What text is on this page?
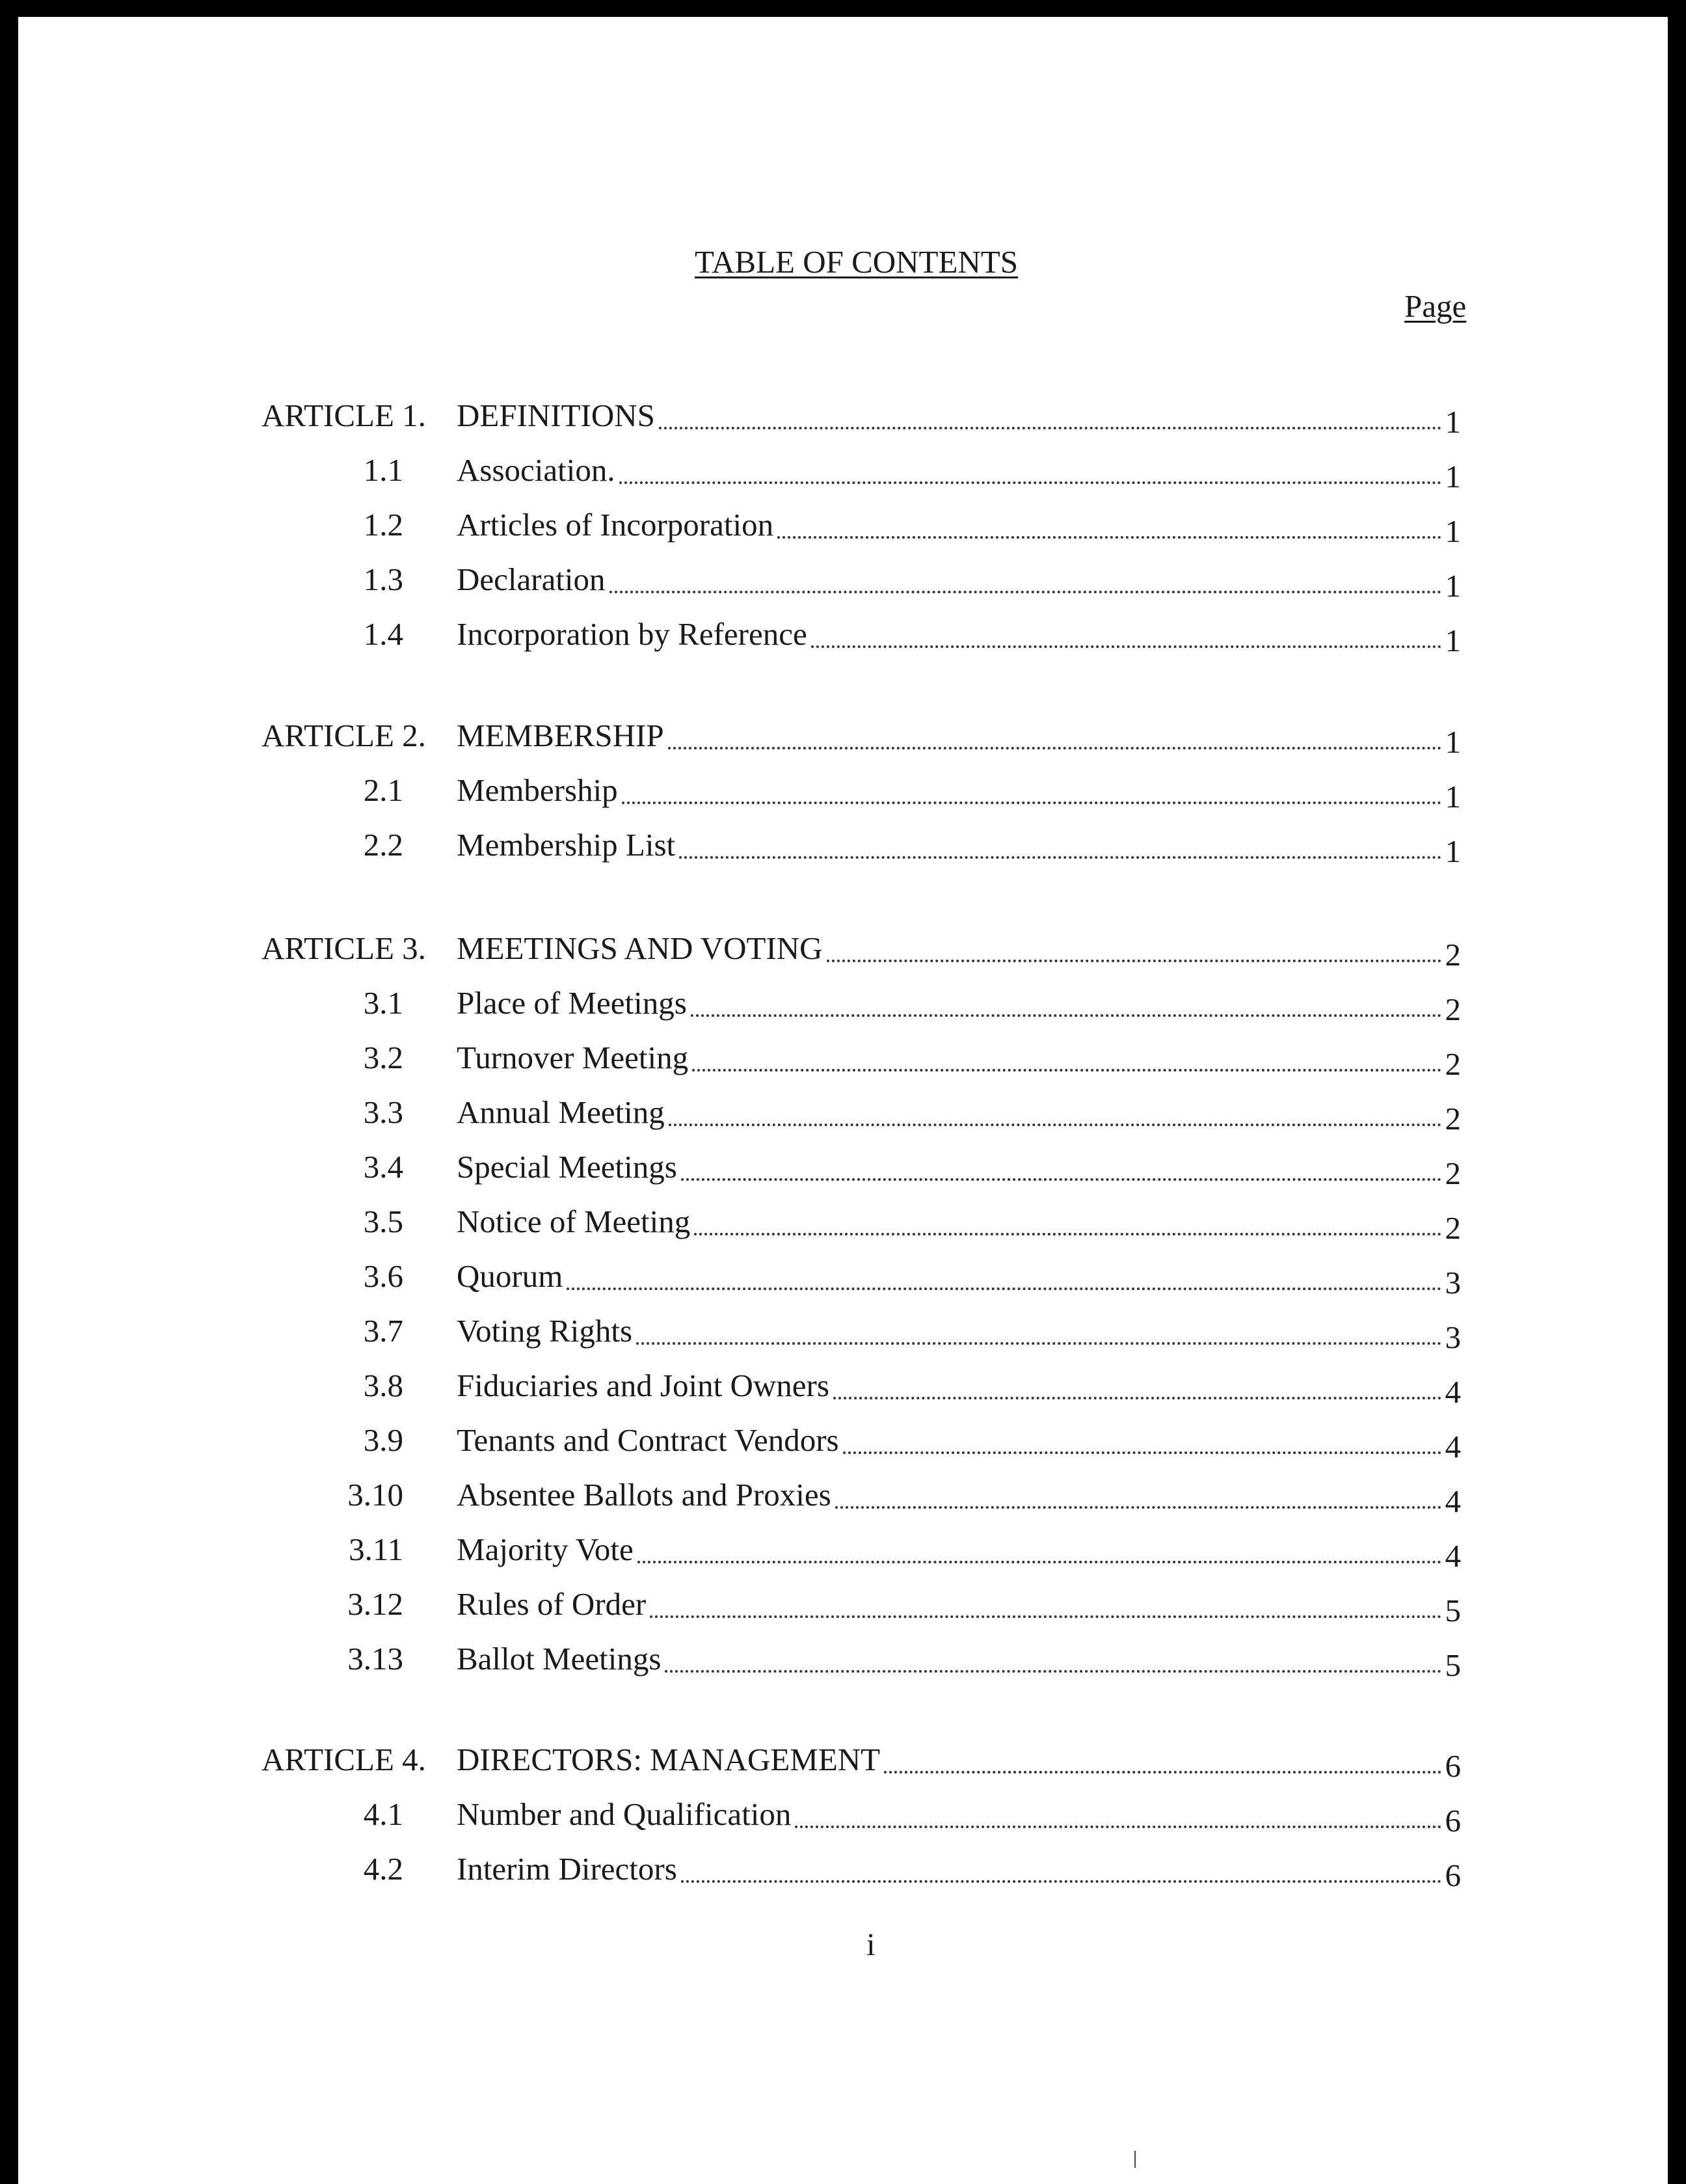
TABLE OF CONTENTS
Page
ARTICLE 1. DEFINITIONS	1
1.1	Association.	1
1.2	Articles of Incorporation	1
1.3	Declaration	1
1.4	Incorporation by Reference	1
ARTICLE 2. MEMBERSHIP	1
2.1	Membership	1
2.2	Membership List	1
ARTICLE 3. MEETINGS AND VOTING	2
3.1	Place of Meetings	2
3.2	Turnover Meeting	2
3.3	Annual Meeting	2
3.4	Special Meetings	2
3.5	Notice of Meeting	2
3.6	Quorum	3
3.7	Voting Rights	3
3.8	Fiduciaries and Joint Owners	4
3.9	Tenants and Contract Vendors	4
3.10	Absentee Ballots and Proxies	4
3.11	Majority Vote	4
3.12	Rules of Order	5
3.13	Ballot Meetings	5
ARTICLE 4. DIRECTORS: MANAGEMENT	6
4.1	Number and Qualification	6
4.2	Interim Directors	6
i
